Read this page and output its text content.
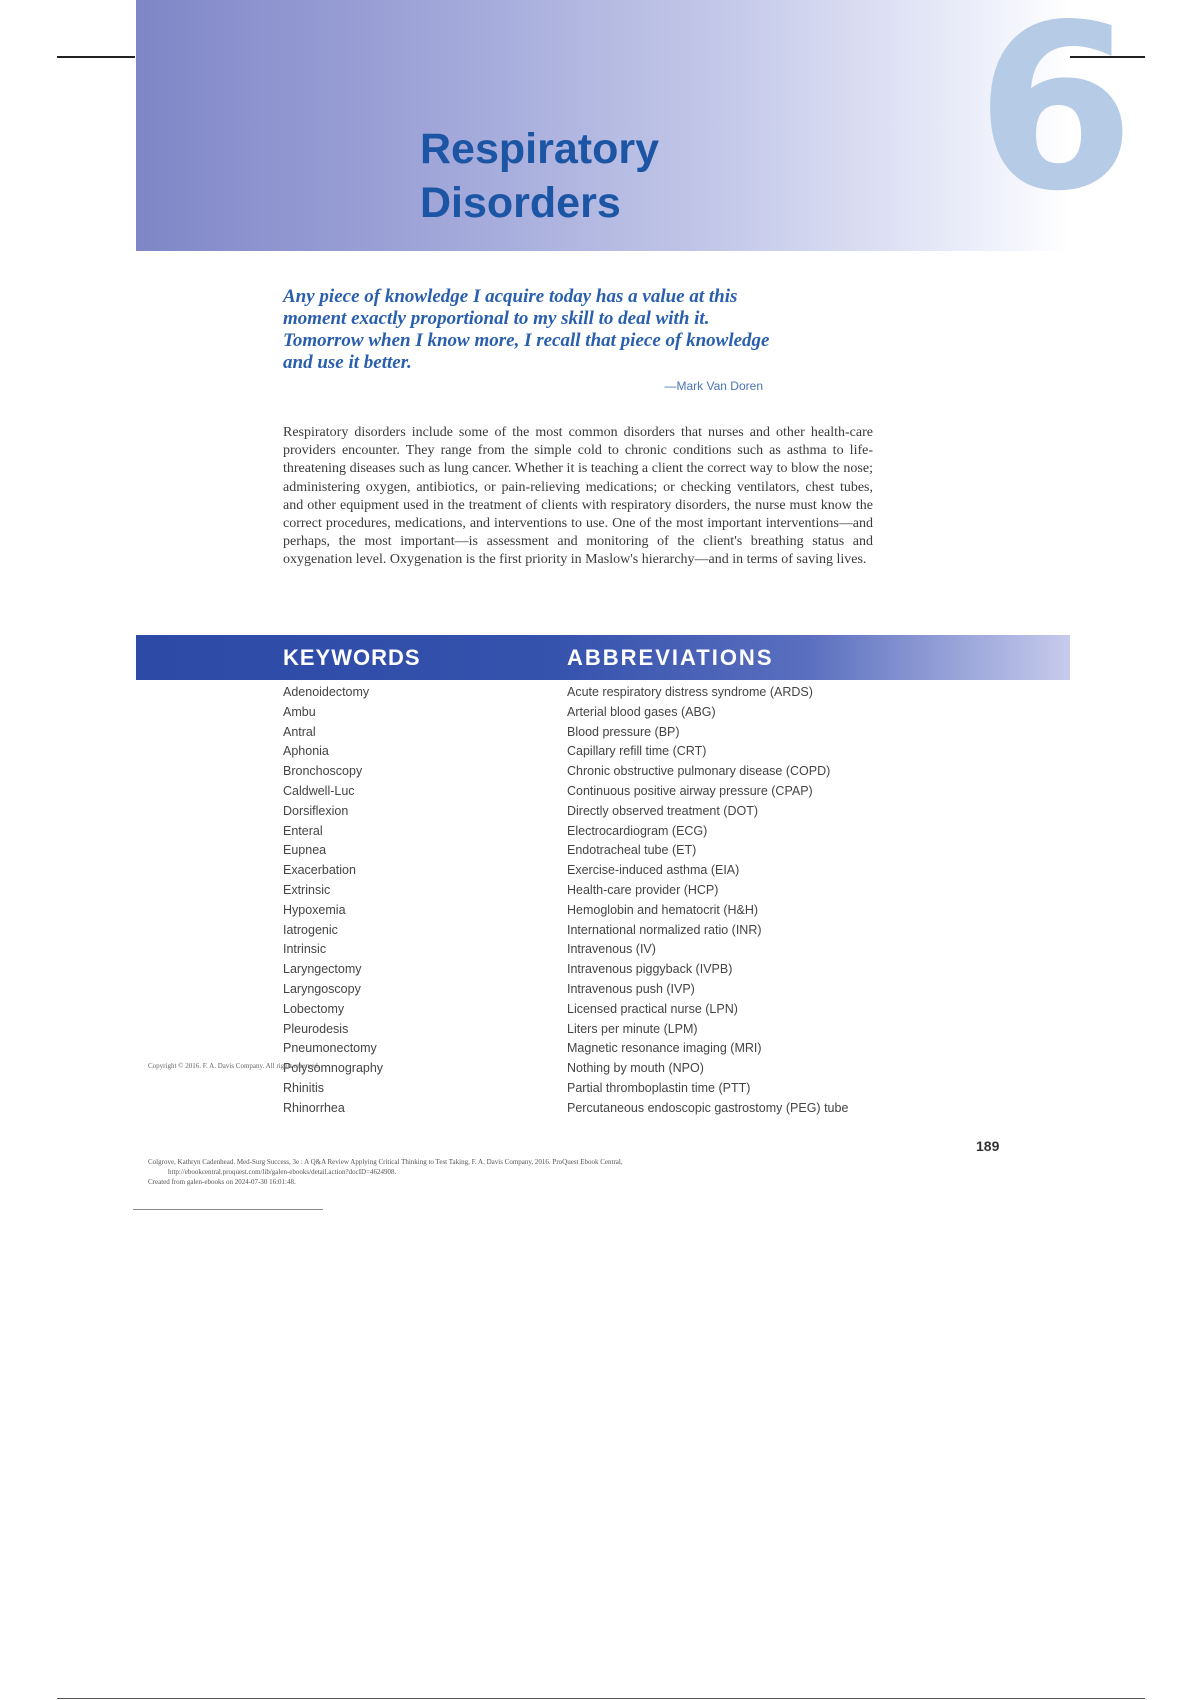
6
Respiratory
Disorders
Any piece of knowledge I acquire today has a value at this moment exactly proportional to my skill to deal with it. Tomorrow when I know more, I recall that piece of knowledge and use it better.
—Mark Van Doren
Respiratory disorders include some of the most common disorders that nurses and other health-care providers encounter. They range from the simple cold to chronic conditions such as asthma to life-threatening diseases such as lung cancer. Whether it is teaching a client the correct way to blow the nose; administering oxygen, antibiotics, or pain-relieving medications; or checking ventilators, chest tubes, and other equipment used in the treatment of clients with respiratory disorders, the nurse must know the correct procedures, medications, and interventions to use. One of the most important interventions—and perhaps, the most important—is assessment and monitoring of the client's breathing status and oxygenation level. Oxygenation is the first priority in Maslow's hierarchy—and in terms of saving lives.
KEYWORDS	ABBREVIATIONS
Adenoidectomy
Ambu
Antral
Aphonia
Bronchoscopy
Caldwell-Luc
Dorsiflexion
Enteral
Eupnea
Exacerbation
Extrinsic
Hypoxemia
Iatrogenic
Intrinsic
Laryngectomy
Laryngoscopy
Lobectomy
Pleurodesis
Pneumonectomy
Polysomnography
Rhinitis
Rhinorrhea
Acute respiratory distress syndrome (ARDS)
Arterial blood gases (ABG)
Blood pressure (BP)
Capillary refill time (CRT)
Chronic obstructive pulmonary disease (COPD)
Continuous positive airway pressure (CPAP)
Directly observed treatment (DOT)
Electrocardiogram (ECG)
Endotracheal tube (ET)
Exercise-induced asthma (EIA)
Health-care provider (HCP)
Hemoglobin and hematocrit (H&H)
International normalized ratio (INR)
Intravenous (IV)
Intravenous piggyback (IVPB)
Intravenous push (IVP)
Licensed practical nurse (LPN)
Liters per minute (LPM)
Magnetic resonance imaging (MRI)
Nothing by mouth (NPO)
Partial thromboplastin time (PTT)
Percutaneous endoscopic gastrostomy (PEG) tube
Copyright © 2016. F. A. Davis Company. All rights reserved.
189
Colgrove, Kathryn Cadenhead. Med-Surg Success, 3e : A Q&A Review Applying Critical Thinking to Test Taking, F. A. Davis Company, 2016. ProQuest Ebook Central,
http://ebookcentral.proquest.com/lib/galen-ebooks/detail.action?docID=4624908.
Created from galen-ebooks on 2024-07-30 16:01:48.
